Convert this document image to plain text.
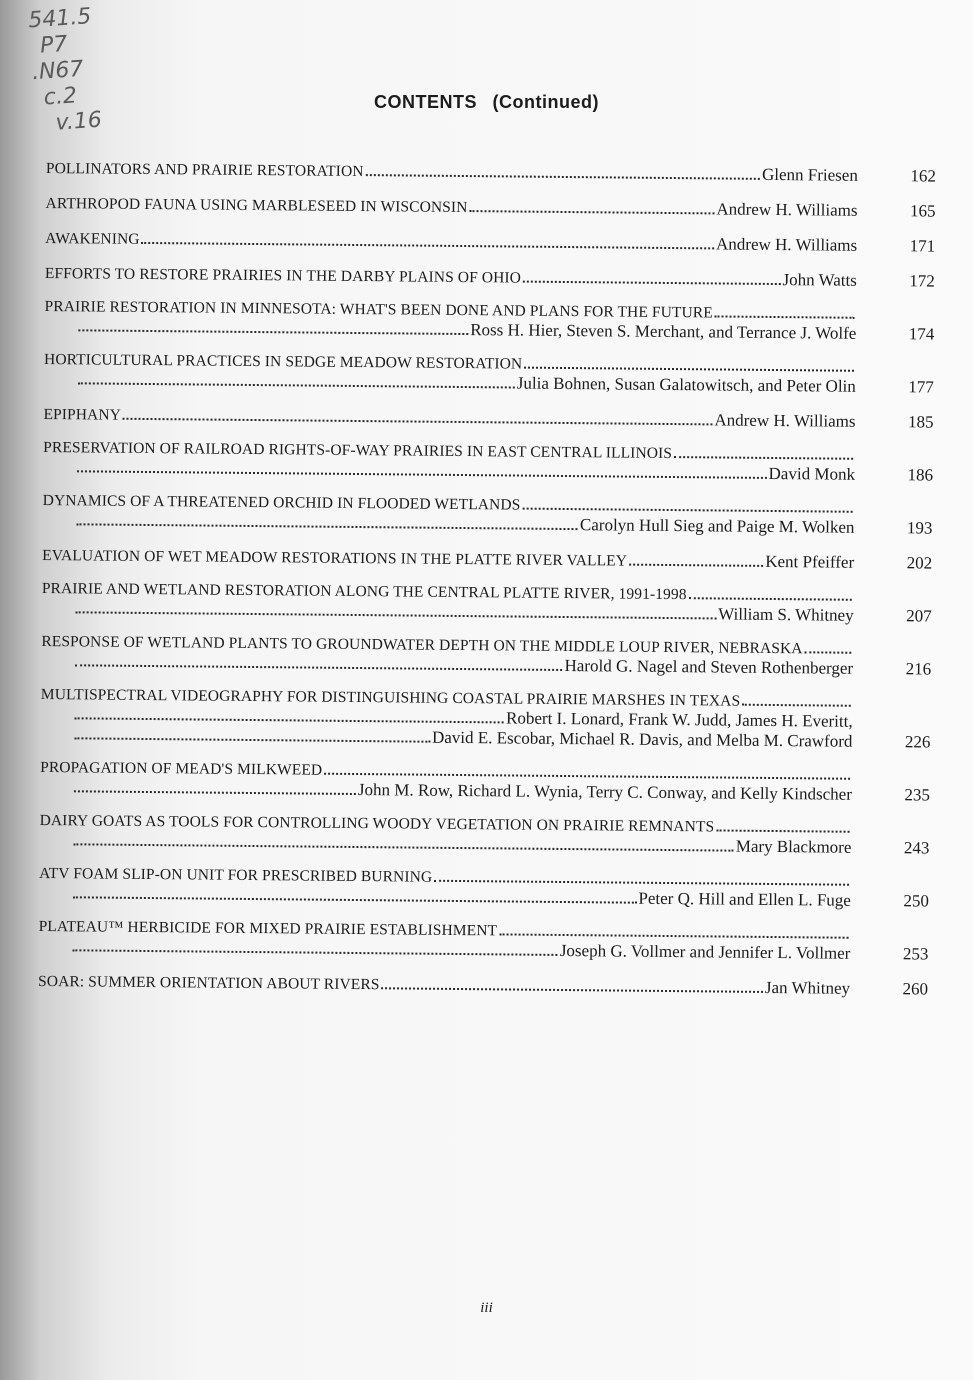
541.5
P7
.N67
c.2
v.16
CONTENTS (Continued)
POLLINATORS AND PRAIRIE RESTORATION	Glenn Friesen	162
ARTHROPOD FAUNA USING MARBLESEED IN WISCONSIN	Andrew H. Williams	165
AWAKENING	Andrew H. Williams	171
EFFORTS TO RESTORE PRAIRIES IN THE DARBY PLAINS OF OHIO	John Watts	172
PRAIRIE RESTORATION IN MINNESOTA: WHAT'S BEEN DONE AND PLANS FOR THE FUTURE
Ross H. Hier, Steven S. Merchant, and Terrance J. Wolfe	174
HORTICULTURAL PRACTICES IN SEDGE MEADOW RESTORATION
Julia Bohnen, Susan Galatowitsch, and Peter Olin	177
EPIPHANY	Andrew H. Williams	185
PRESERVATION OF RAILROAD RIGHTS-OF-WAY PRAIRIES IN EAST CENTRAL ILLINOIS
David Monk	186
DYNAMICS OF A THREATENED ORCHID IN FLOODED WETLANDS
Carolyn Hull Sieg and Paige M. Wolken	193
EVALUATION OF WET MEADOW RESTORATIONS IN THE PLATTE RIVER VALLEY	Kent Pfeiffer	202
PRAIRIE AND WETLAND RESTORATION ALONG THE CENTRAL PLATTE RIVER, 1991-1998
William S. Whitney	207
RESPONSE OF WETLAND PLANTS TO GROUNDWATER DEPTH ON THE MIDDLE LOUP RIVER, NEBRASKA
Harold G. Nagel and Steven Rothenberger	216
MULTISPECTRAL VIDEOGRAPHY FOR DISTINGUISHING COASTAL PRAIRIE MARSHES IN TEXAS
Robert I. Lonard, Frank W. Judd, James H. Everitt,
David E. Escobar, Michael R. Davis, and Melba M. Crawford	226
PROPAGATION OF MEAD'S MILKWEED
John M. Row, Richard L. Wynia, Terry C. Conway, and Kelly Kindscher	235
DAIRY GOATS AS TOOLS FOR CONTROLLING WOODY VEGETATION ON PRAIRIE REMNANTS
Mary Blackmore	243
ATV FOAM SLIP-ON UNIT FOR PRESCRIBED BURNING
Peter Q. Hill and Ellen L. Fuge	250
PLATEAU™ HERBICIDE FOR MIXED PRAIRIE ESTABLISHMENT
Joseph G. Vollmer and Jennifer L. Vollmer	253
SOAR: SUMMER ORIENTATION ABOUT RIVERS	Jan Whitney	260
iii
